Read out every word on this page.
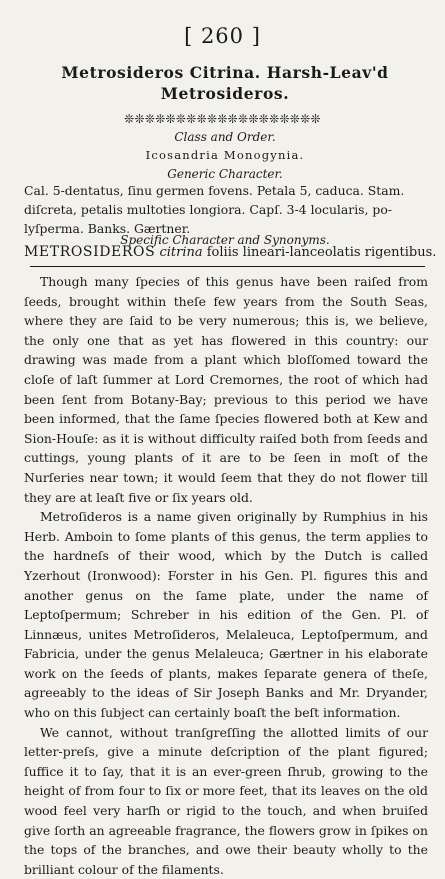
[ 260 ]
Metrosideros Citrina. Harsh-Leav'd
Metrosideros.
❊❊❊❊❊❊❊❊❊❊❊❊❊❊❊❊❊❊❊
Class and Order.
Icosandria Monogynia.
Generic Character.
Cal. 5-dentatus, ſinu germen fovens. Petala 5, caduca. Stam.
diſcreta, petalis multoties longiora. Capſ. 3-4 locularis, po-
lyſperma. Banks. Gærtner.
Specific Character and Synonyms.
METROSIDEROS citrina foliis lineari-lanceolatis rigentibus.

Though many ſpecies of this genus have been raiſed from ſeeds, brought within theſe few years from the South Seas, where they are ſaid to be very numerous; this is, we believe, the only one that as yet has flowered in this country: our drawing was made from a plant which bloſſomed toward the cloſe of laſt ſummer at Lord Cremornes, the root of which had been ſent from Botany-Bay; previous to this period we have been informed, that the ſame ſpecies flowered both at Kew and Sion-Houſe: as it is without difficulty raiſed both from ſeeds and cuttings, young plants of it are to be ſeen in moſt of the Nurſeries near town; it would ſeem that they do not flower till they are at leaſt five or ſix years old.

Metroſideros is a name given originally by Rumphius in his Herb. Amboin to ſome plants of this genus, the term applies to the hardneſs of their wood, which by the Dutch is called Yzerhout (Ironwood): Forster in his Gen. Pl. figures this and another genus on the ſame plate, under the name of Leptoſpermum; Schreber in his edition of the Gen. Pl. of Linnæus, unites Metroſideros, Melaleuca, Leptoſpermum, and Fabricia, under the genus Melaleuca; Gærtner in his elaborate work on the ſeeds of plants, makes ſeparate genera of theſe, agreeably to the ideas of Sir Joseph Banks and Mr. Dryander, who on this ſubject can certainly boaſt the beſt information.

We cannot, without tranſgreſſing the allotted limits of our letter-preſs, give a minute deſcription of the plant figured; ſuffice it to ſay, that it is an ever-green ſhrub, growing to the height of from four to ſix or more feet, that its leaves on the old wood feel very harſh or rigid to the touch, and when bruiſed give ſorth an agreeable fragrance, the flowers grow in ſpikes on the tops of the branches, and owe their beauty wholly to the brilliant colour of the filaments.
